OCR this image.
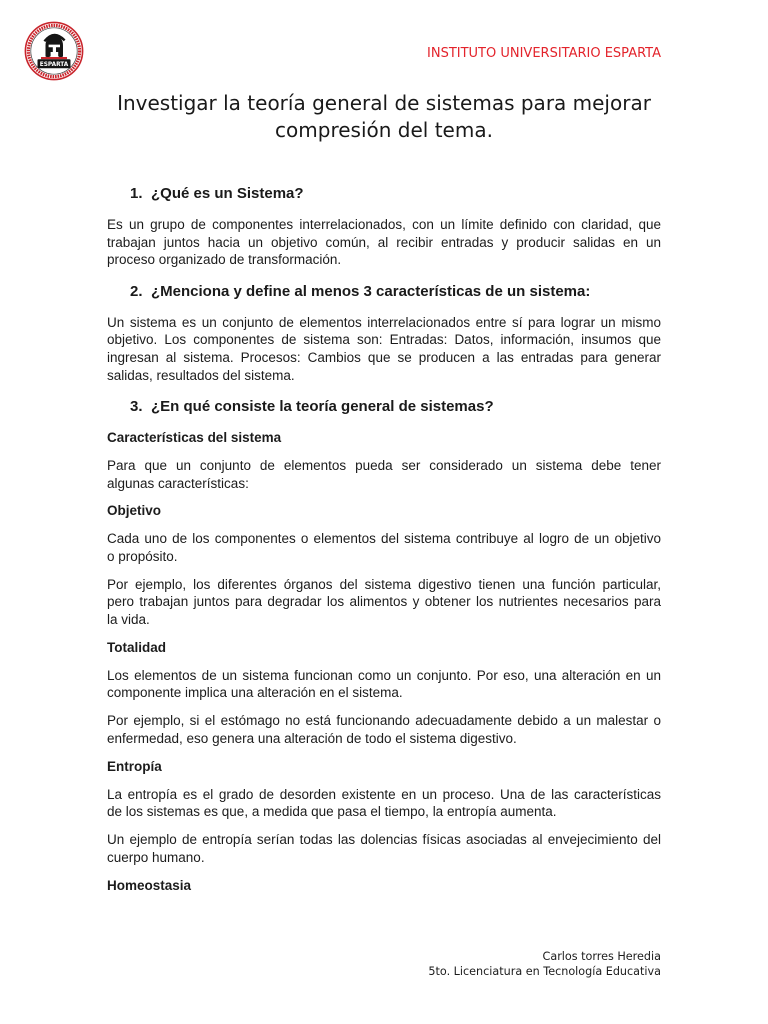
ESPARTA
INSTITUTO UNIVERSITARIO ESPARTA
Investigar la teoría general de sistemas para mejorar compresión del tema.
1. ¿Qué es un Sistema?

Es un grupo de componentes interrelacionados, con un límite definido con claridad, que
trabajan juntos hacia un objetivo común, al recibir entradas y producir salidas en un
proceso organizado de transformación.

2. ¿Menciona y define al menos 3 características de un sistema:

Un sistema es un conjunto de elementos interrelacionados entre sí para lograr un mismo
objetivo. Los componentes de sistema son: Entradas: Datos, información, insumos que
ingresan al sistema. Procesos: Cambios que se producen a las entradas para generar
salidas, resultados del sistema.

3. ¿En qué consiste la teoría general de sistemas?
Características del sistema

Para que un conjunto de elementos pueda ser considerado un sistema debe tener
algunas características:

Objetivo

Cada uno de los componentes o elementos del sistema contribuye al logro de un objetivo
o propósito.

Por ejemplo, los diferentes órganos del sistema digestivo tienen una función particular,
pero trabajan juntos para degradar los alimentos y obtener los nutrientes necesarios para
la vida.

Totalidad

Los elementos de un sistema funcionan como un conjunto. Por eso, una alteración en un
componente implica una alteración en el sistema.

Por ejemplo, si el estómago no está funcionando adecuadamente debido a un malestar o
enfermedad, eso genera una alteración de todo el sistema digestivo.

Entropía

La entropía es el grado de desorden existente en un proceso. Una de las características
de los sistemas es que, a medida que pasa el tiempo, la entropía aumenta.

Un ejemplo de entropía serían todas las dolencias físicas asociadas al envejecimiento del
cuerpo humano.

Homeostasia
Carlos torres Heredia
5to. Licenciatura en Tecnología Educativa
